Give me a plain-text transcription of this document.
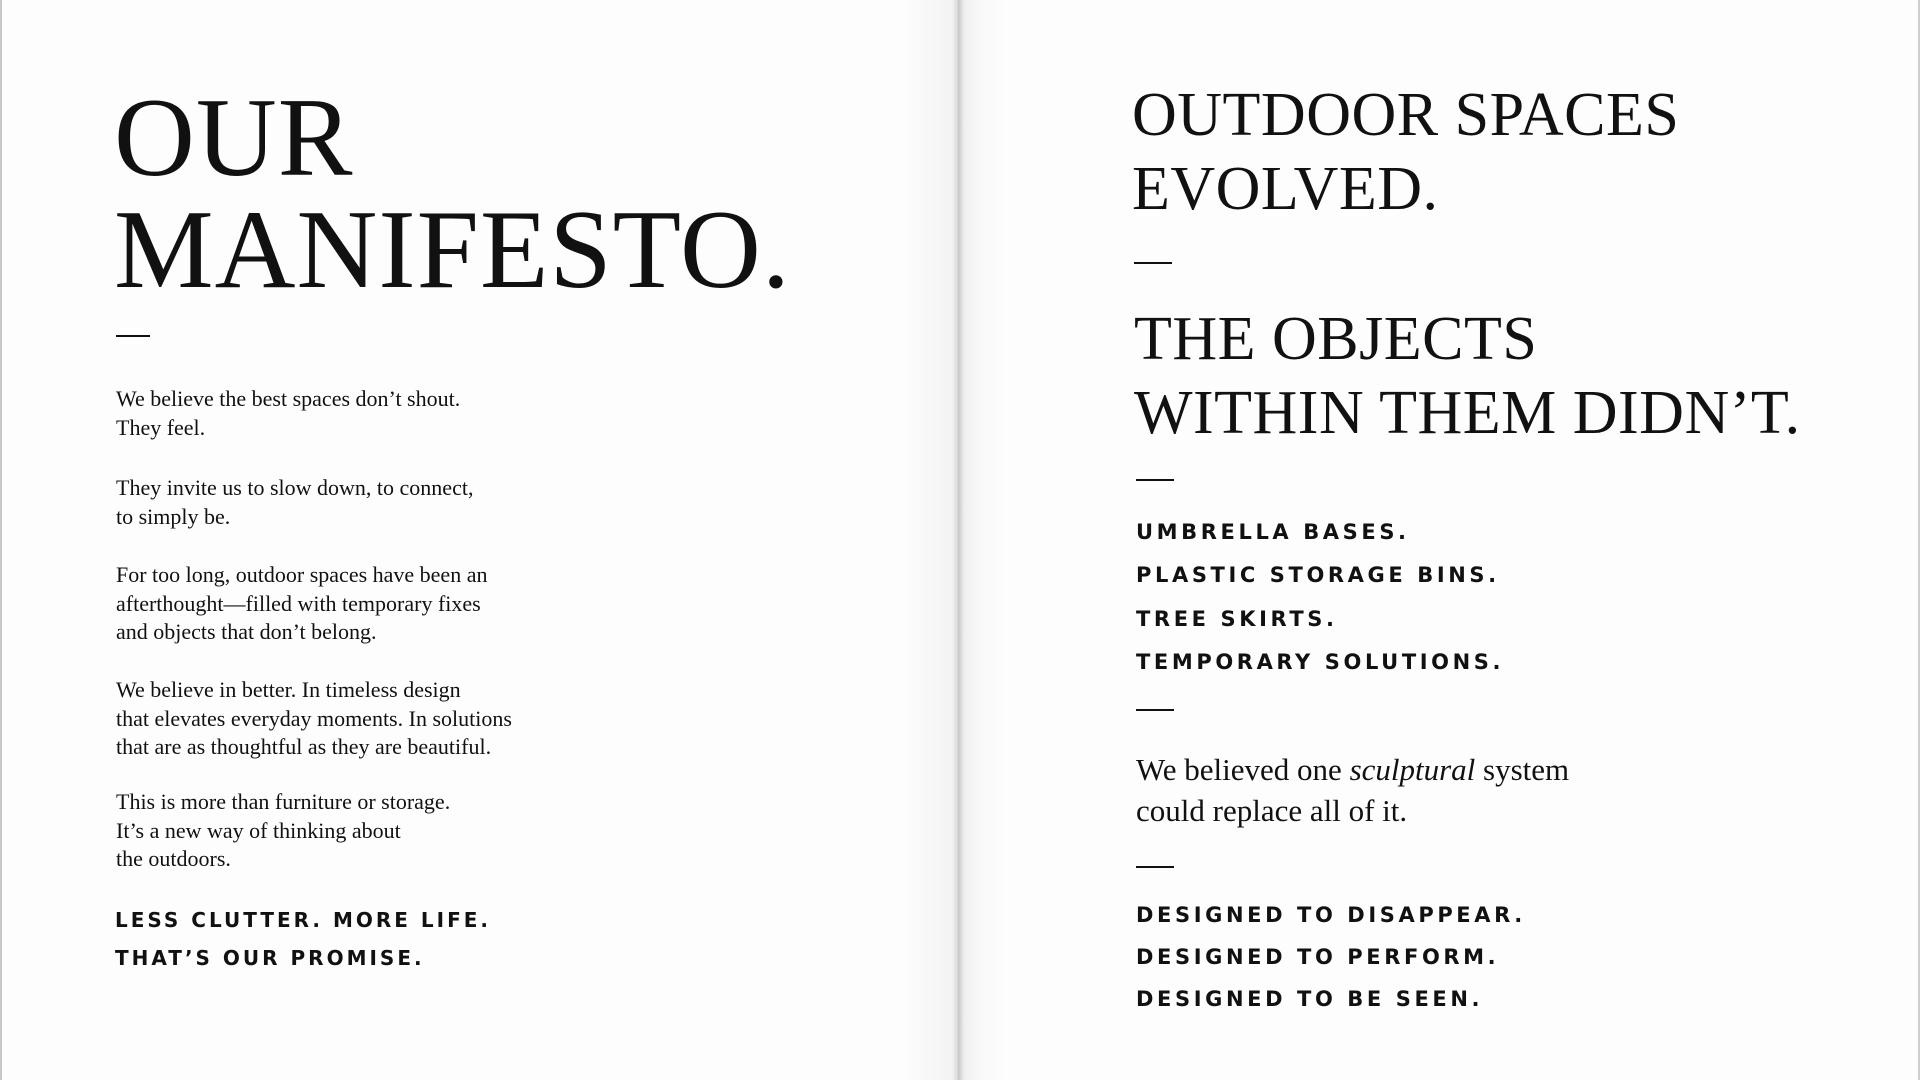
OUR
MANIFESTO.

We believe the best spaces don’t shout.
They feel.

They invite us to slow down, to connect,
to simply be.

For too long, outdoor spaces have been an
afterthought—filled with temporary fixes
and objects that don’t belong.

We believe in better. In timeless design
that elevates everyday moments. In solutions
that are as thoughtful as they are beautiful.

This is more than furniture or storage.
It’s a new way of thinking about
the outdoors.

LESS CLUTTER. MORE LIFE.
THAT’S OUR PROMISE.
OUTDOOR SPACES
EVOLVED.
THE OBJECTS
WITHIN THEM DIDN’T.
UMBRELLA BASES.
PLASTIC STORAGE BINS.
TREE SKIRTS.
TEMPORARY SOLUTIONS.

We believed one sculptural system

could replace all of it.

DESIGNED TO DISAPPEAR.
DESIGNED TO PERFORM.
DESIGNED TO BE SEEN.
